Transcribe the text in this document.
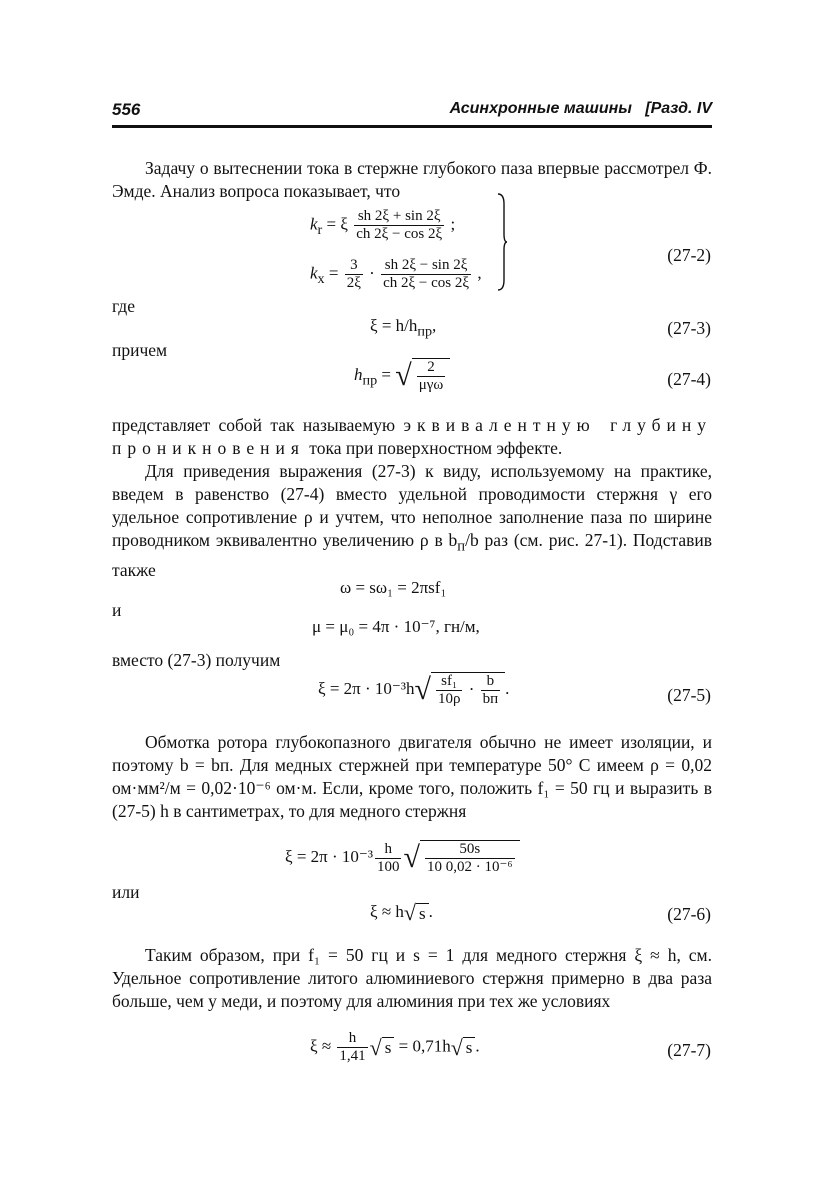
556	Асинхронные машины   [Разд. IV
Задачу о вытеснении тока в стержне глубокого паза впервые рассмотрел Ф. Эмде. Анализ вопроса показывает, что
$k_r = \xi \frac{sh 2\xi + \sin 2\xi}{ch 2\xi - \cos 2\xi}$ ;
$k_x = \frac{3}{2\xi} \cdot \frac{sh 2\xi - \sin 2\xi}{ch 2\xi - \cos 2\xi}$ ,
(27-2)
где
$\xi = h/h_{пр}$,	(27-3)
причем
$h_{пр}$ = √ $\frac{2}{\text{μγω}}$	(27-4)
представляет собой так называемую эквивалентную глубину проникновения тока при поверхностном эффекте.
Для приведения выражения (27-3) к виду, используемому на практике, введем в равенство (27-4) вместо удельной проводимости стержня γ его удельное сопротивление ρ и учтем, что неполное заполнение паза по ширине проводником эквивалентно увеличению ρ в $b_п/b$ раз (см. рис. 27-1). Подставив также
ω = sω₁ = 2πsf₁
и
μ = μ₀ = 4π · 10⁻⁷, гн/м,
вместо (27-3) получим
$\xi = 2\pi \cdot 10^{-3}h√ \frac{\text{sf₁}}{10\rho} \cdot \frac{b}{bп}$ .	(27-5)
Обмотка ротора глубокопазного двигателя обычно не имеет изоляции, и поэтому b = bп. Для медных стержней при температуре 50° С имеем ρ = 0,02 ом·мм²/м = 0,02·10⁻⁶ ом·м. Если, кроме того, положить f₁ = 50 гц и выразить в (27-5) h в сантиметрах, то для медного стержня
$\xi = 2\pi \cdot 10^{-3} \frac{h}{100}$ √ $\frac{50s}{\text{10 0,02 · 10⁻⁶}}$
или
ξ ≈ h√ s .	(27-6)
Таким образом, при f₁ = 50 гц и s = 1 для медного стержня ξ ≈ h, см. Удельное сопротивление литого алюминиевого стержня примерно в два раза больше, чем у меди, и поэтому для алюминия при тех же условиях
$\xi \approx \frac{h}{1,41}$ √ s = 0,71h√ s .	(27-7)
